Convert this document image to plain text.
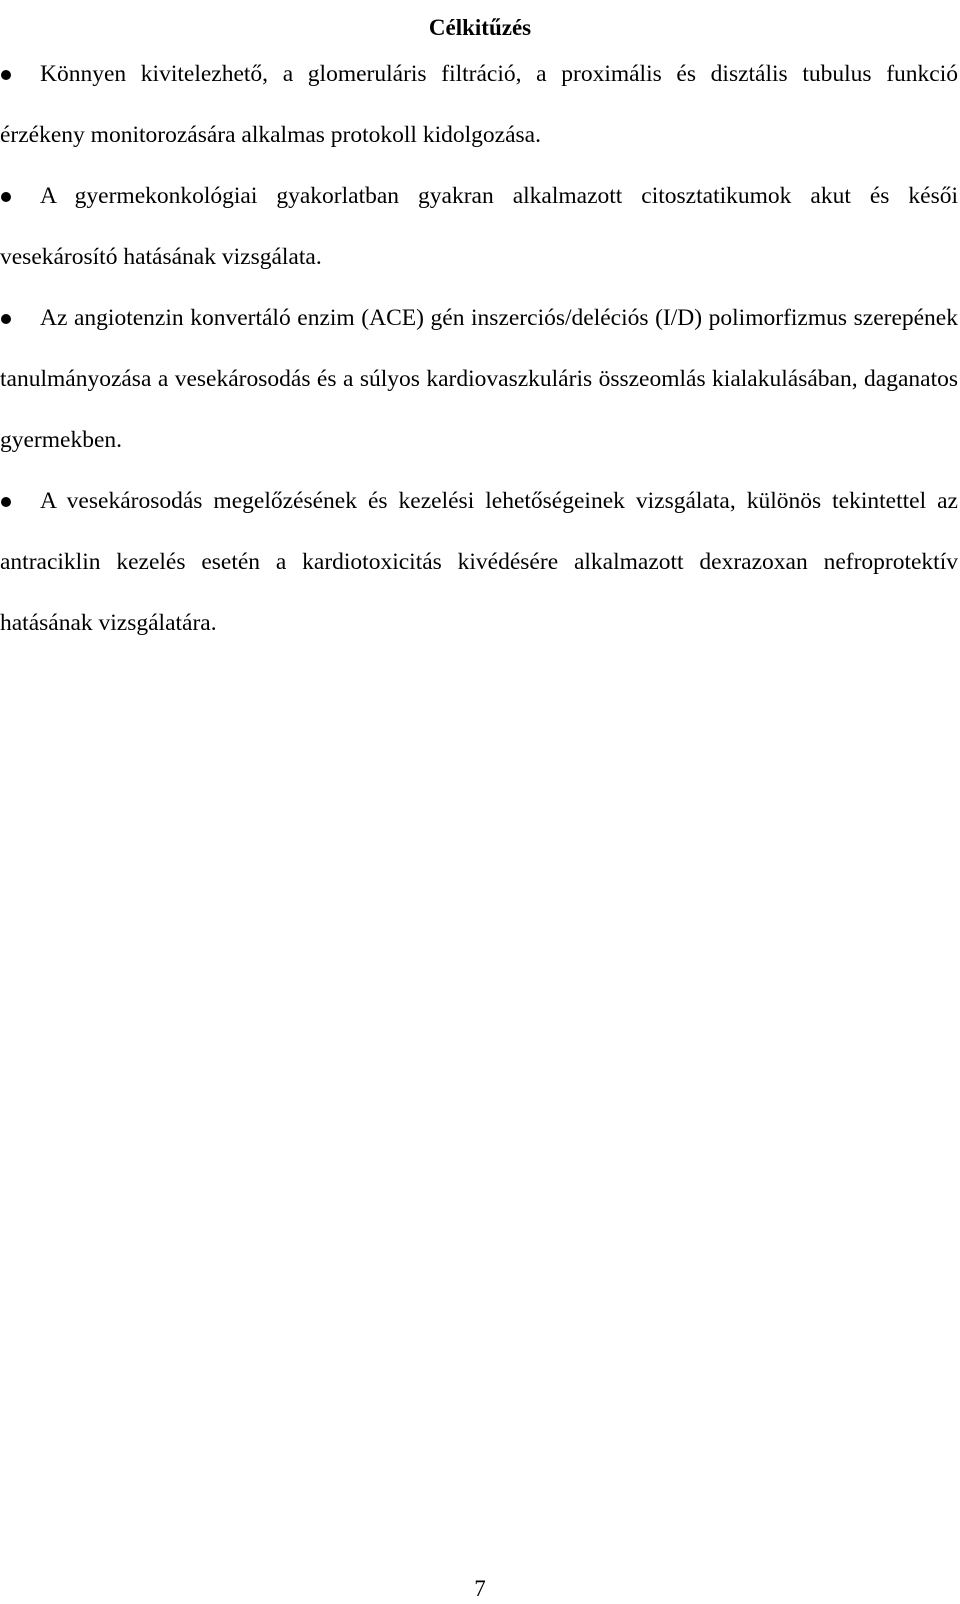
Célkitűzés
Könnyen kivitelezhető, a glomeruláris filtráció, a proximális és disztális tubulus funkció érzékeny monitorozására alkalmas protokoll kidolgozása.
A gyermekonkológiai gyakorlatban gyakran alkalmazott citosztatikumok akut és késői vesekárosító hatásának vizsgálata.
Az angiotenzin konvertáló enzim (ACE) gén inszerciós/deléciós (I/D) polimorfizmus szerepének tanulmányozása a vesekárosodás és a súlyos kardiovaszkuláris összeomlás kialakulásában, daganatos gyermekben.
A vesekárosodás megelőzésének és kezelési lehetőségeinek vizsgálata, különös tekintettel az antraciklin kezelés esetén a kardiotoxicitás kivédésére alkalmazott dexrazoxan nefroprotektív hatásának vizsgálatára.
7
